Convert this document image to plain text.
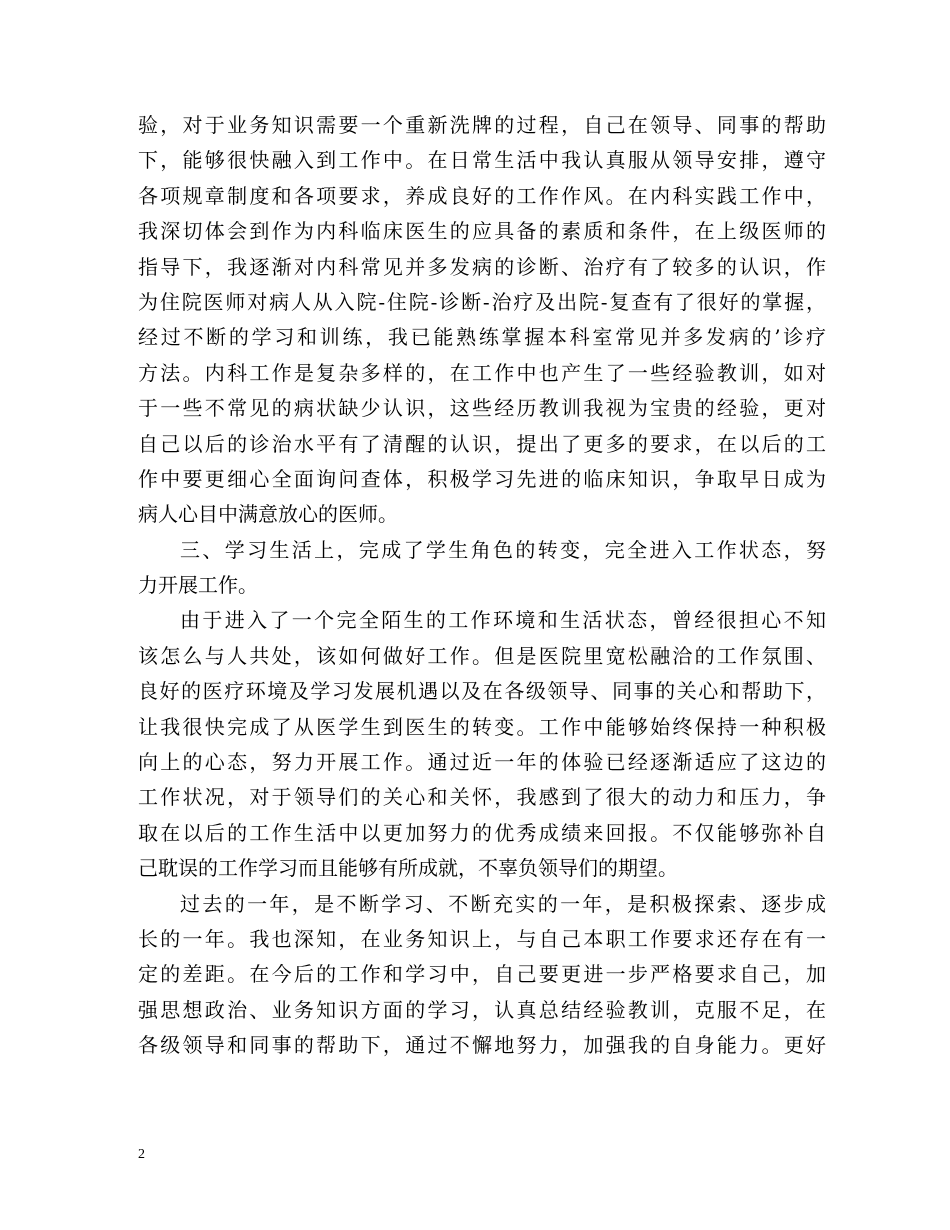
验，对于业务知识需要一个重新洗牌的过程，自己在领导、同事的帮助
下，能够很快融入到工作中。在日常生活中我认真服从领导安排，遵守
各项规章制度和各项要求，养成良好的工作作风。在内科实践工作中，
我深切体会到作为内科临床医生的应具备的素质和条件，在上级医师的
指导下，我逐渐对内科常见并多发病的诊断、治疗有了较多的认识，作
为住院医师对病人从入院-住院-诊断-治疗及出院-复查有了很好的掌握，
经过不断的学习和训练，我已能熟练掌握本科室常见并多发病的’诊疗
方法。内科工作是复杂多样的，在工作中也产生了一些经验教训，如对
于一些不常见的病状缺少认识，这些经历教训我视为宝贵的经验，更对
自己以后的诊治水平有了清醒的认识，提出了更多的要求，在以后的工
作中要更细心全面询问查体，积极学习先进的临床知识，争取早日成为
病人心目中满意放心的医师。
三、学习生活上，完成了学生角色的转变，完全进入工作状态，努
力开展工作。
由于进入了一个完全陌生的工作环境和生活状态，曾经很担心不知
该怎么与人共处，该如何做好工作。但是医院里宽松融洽的工作氛围、
良好的医疗环境及学习发展机遇以及在各级领导、同事的关心和帮助下，
让我很快完成了从医学生到医生的转变。工作中能够始终保持一种积极
向上的心态，努力开展工作。通过近一年的体验已经逐渐适应了这边的
工作状况，对于领导们的关心和关怀，我感到了很大的动力和压力，争
取在以后的工作生活中以更加努力的优秀成绩来回报。不仅能够弥补自
己耽误的工作学习而且能够有所成就，不辜负领导们的期望。
过去的一年，是不断学习、不断充实的一年，是积极探索、逐步成
长的一年。我也深知，在业务知识上，与自己本职工作要求还存在有一
定的差距。在今后的工作和学习中，自己要更进一步严格要求自己，加
强思想政治、业务知识方面的学习，认真总结经验教训，克服不足，在
各级领导和同事的帮助下，通过不懈地努力，加强我的自身能力。更好
2
